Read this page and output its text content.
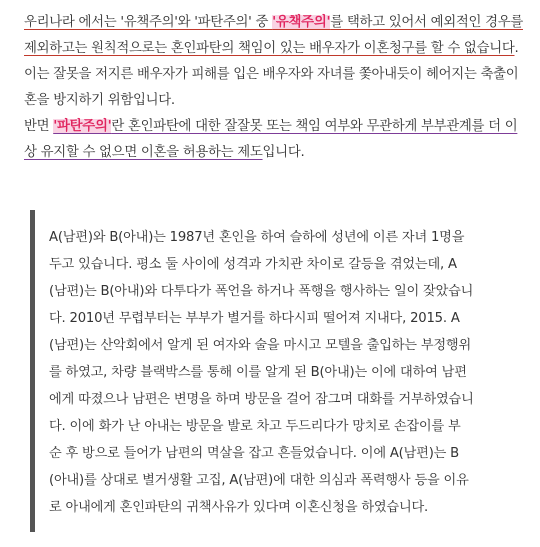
우리나라 에서는 '유책주의'와 '파탄주의' 중 '유책주의'를 택하고 있어서 예외적인 경우를 제외하고는 원칙적으로는 혼인파탄의 책임이 있는 배우자가 이혼청구를 할 수 없습니다. 이는 잘못을 저지른 배우자가 피해를 입은 배우자와 자녀를 쫓아내듯이 헤어지는 축출이혼을 방지하기 위함입니다.

반면 '파탄주의'란 혼인파탄에 대한 잘잘못 또는 책임 여부와 무관하게 부부관계를 더 이상 유지할 수 없으면 이혼을 허용하는 제도입니다.

A(남편)와 B(아내)는 1987년 혼인을 하여 슬하에 성년에 이른 자녀 1명을
두고 있습니다. 평소 둘 사이에 성격과 가치관 차이로 갈등을 겪었는데, A
(남편)는 B(아내)와 다투다가 폭언을 하거나 폭행을 행사하는 일이 잦았습니
다. 2010년 무렵부터는 부부가 별거를 하다시피 떨어져 지내다, 2015. A
(남편)는 산악회에서 알게 된 여자와 술을 마시고 모텔을 출입하는 부정행위
를 하였고, 차량 블랙박스를 통해 이를 알게 된 B(아내)는 이에 대하여 남편
에게 따졌으나 남편은 변명을 하며 방문을 걸어 잠그며 대화를 거부하였습니
다. 이에 화가 난 아내는 방문을 발로 차고 두드리다가 망치로 손잡이를 부
순 후 방으로 들어가 남편의 멱살을 잡고 흔들었습니다. 이에 A(남편)는 B
(아내)를 상대로 별거생활 고집, A(남편)에 대한 의심과 폭력행사 등을 이유
로 아내에게 혼인파탄의 귀책사유가 있다며 이혼신청을 하였습니다.
